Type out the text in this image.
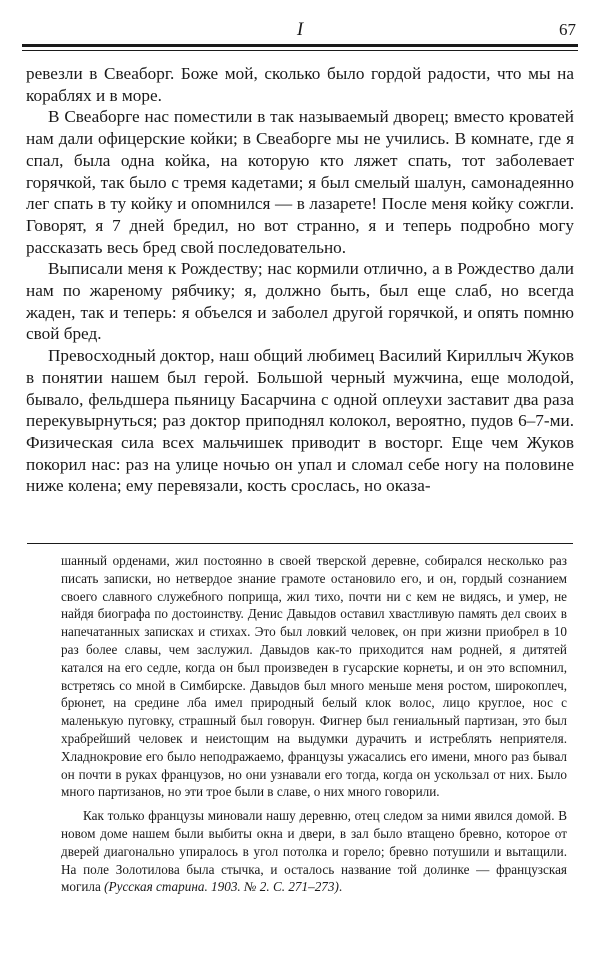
I	67

ревезли в Свеаборг. Боже мой, сколько было гордой радости, что мы на кораблях и в море.

В Свеаборге нас поместили в так называемый дворец; вместо кроватей нам дали офицерские койки; в Свеаборге мы не учились. В комнате, где я спал, была одна койка, на которую кто ляжет спать, тот заболевает горячкой, так было с тремя кадетами; я был смелый шалун, самонадеянно лег спать в ту койку и опомнился — в лазарете! После меня койку сожгли. Говорят, я 7 дней бредил, но вот странно, я и теперь подробно могу рассказать весь бред свой последовательно.

Выписали меня к Рождеству; нас кормили отлично, а в Рождество дали нам по жареному рябчику; я, должно быть, был еще слаб, но всегда жаден, так и теперь: я объелся и заболел другой горячкой, и опять помню свой бред.

Превосходный доктор, наш общий любимец Василий Кириллыч Жуков в понятии нашем был герой. Большой черный мужчина, еще молодой, бывало, фельдшера пьяницу Басарчина с одной оплеухи заставит два раза перекувырнуться; раз доктор приподнял колокол, вероятно, пудов 6–7-ми. Физическая сила всех мальчишек приводит в восторг. Еще чем Жуков покорил нас: раз на улице ночью он упал и сломал себе ногу на половине ниже колена; ему перевязали, кость срослась, но оказа-

шанный орденами, жил постоянно в своей тверской деревне, собирался несколько раз писать записки, но нетвердое знание грамоте остановило его, и он, гордый сознанием своего славного служебного поприща, жил тихо, почти ни с кем не видясь, и умер, не найдя биографа по достоинству. Денис Давыдов оставил хвастливую память дел своих в напечатанных записках и стихах. Это был ловкий человек, он при жизни приобрел в 10 раз более славы, чем заслужил. Давыдов как-то приходится нам родней, я дитятей катался на его седле, когда он был произведен в гусарские корнеты, и он это вспомнил, встретясь со мной в Симбирске. Давыдов был много меньше меня ростом, широкоплеч, брюнет, на средине лба имел природный белый клок волос, лицо круглое, нос с маленькую пуговку, страшный был говорун. Фигнер был гениальный партизан, это был храбрейший человек и неистощим на выдумки дурачить и истреблять неприятеля. Хладнокровие его было неподражаемо, французы ужасались его имени, много раз бывал он почти в руках французов, но они узнавали его тогда, когда он ускользал от них. Было много партизанов, но эти трое были в славе, о них много говорили.

Как только французы миновали нашу деревню, отец следом за ними явился домой. В новом доме нашем были выбиты окна и двери, в зал было втащено бревно, которое от дверей диагонально упиралось в угол потолка и горело; бревно потушили и вытащили. На поле Золотилова была стычка, и осталось название той долинке — французская могила (Русская старина. 1903. № 2. С. 271–273).
